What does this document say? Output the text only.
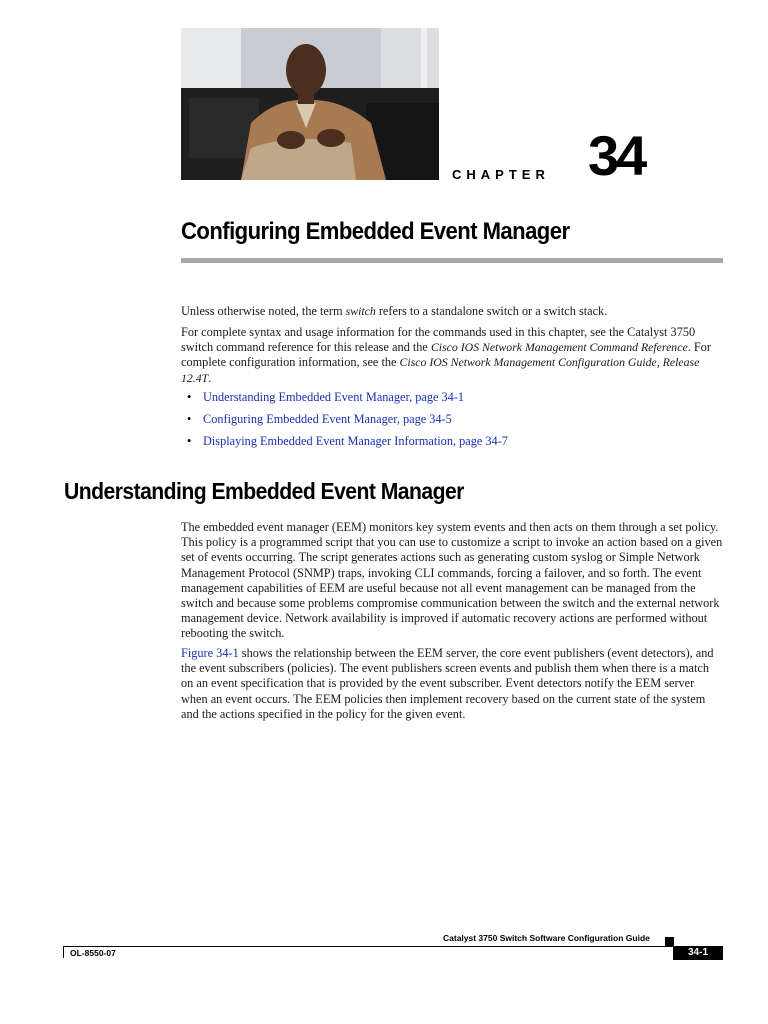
CHAPTER 34
Configuring Embedded Event Manager

Unless otherwise noted, the term switch refers to a standalone switch or a switch stack.

For complete syntax and usage information for the commands used in this chapter, see the Catalyst 3750 switch command reference for this release and the Cisco IOS Network Management Command Reference. For complete configuration information, see the Cisco IOS Network Management Configuration Guide, Release 12.4T.

• Understanding Embedded Event Manager, page 34-1
• Configuring Embedded Event Manager, page 34-5
• Displaying Embedded Event Manager Information, page 34-7
Understanding Embedded Event Manager

The embedded event manager (EEM) monitors key system events and then acts on them through a set policy. This policy is a programmed script that you can use to customize a script to invoke an action based on a given set of events occurring. The script generates actions such as generating custom syslog or Simple Network Management Protocol (SNMP) traps, invoking CLI commands, forcing a failover, and so forth. The event management capabilities of EEM are useful because not all event management can be managed from the switch and because some problems compromise communication between the switch and the external network management device. Network availability is improved if automatic recovery actions are performed without rebooting the switch.

Figure 34-1 shows the relationship between the EEM server, the core event publishers (event detectors), and the event subscribers (policies). The event publishers screen events and publish them when there is a match on an event specification that is provided by the event subscriber. Event detectors notify the EEM server when an event occurs. The EEM policies then implement recovery based on the current state of the system and the actions specified in the policy for the given event.

Catalyst 3750 Switch Software Configuration Guide
OL-8550-07	34-1
